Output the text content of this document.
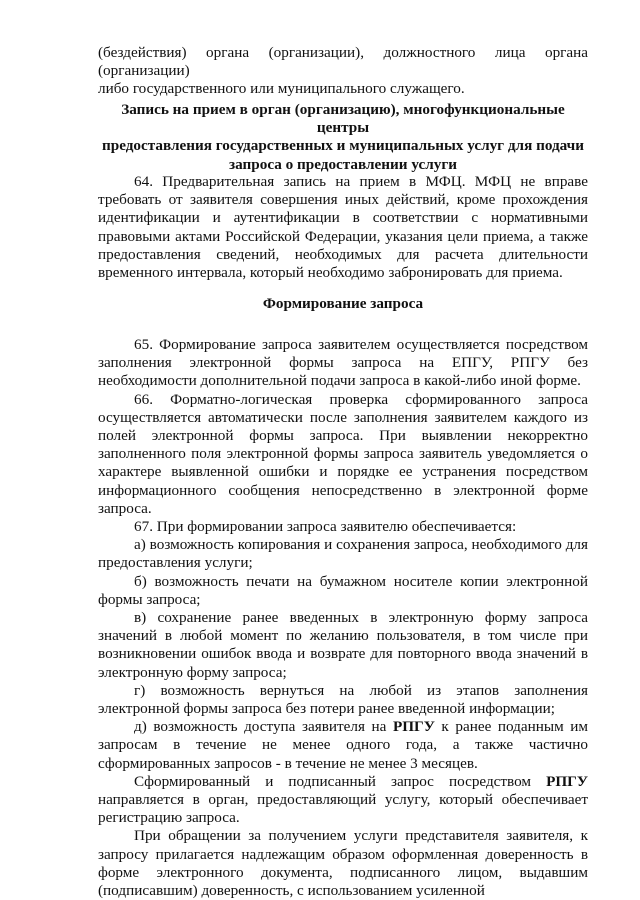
(бездействия) органа (организации), должностного лица органа (организации)

либо государственного или муниципального служащего.

Запись на прием в орган (организацию), многофункциональные центры

предоставления государственных и муниципальных услуг для подачи

запроса о предоставлении услуги

64. Предварительная запись на прием в МФЦ. МФЦ не вправе требовать от заявителя совершения иных действий, кроме прохождения идентификации и аутентификации в соответствии с нормативными правовыми актами Российской Федерации, указания цели приема, а также предоставления сведений, необходимых для расчета длительности временного интервала, который необходимо забронировать для приема.

Формирование запроса

65. Формирование запроса заявителем осуществляется посредством заполнения электронной формы запроса на ЕПГУ, РПГУ без необходимости дополнительной подачи запроса в какой-либо иной форме.

66. Форматно-логическая проверка сформированного запроса осуществляется автоматически после заполнения заявителем каждого из полей электронной формы запроса. При выявлении некорректно заполненного поля электронной формы запроса заявитель уведомляется о характере выявленной ошибки и порядке ее устранения посредством информационного сообщения непосредственно в электронной форме запроса.

67. При формировании запроса заявителю обеспечивается:

а) возможность копирования и сохранения запроса, необходимого для предоставления услуги;

б) возможность печати на бумажном носителе копии электронной формы запроса;

в) сохранение ранее введенных в электронную форму запроса значений в любой момент по желанию пользователя, в том числе при возникновении ошибок ввода и возврате для повторного ввода значений в электронную форму запроса;

г) возможность вернуться на любой из этапов заполнения электронной формы запроса без потери ранее введенной информации;

д) возможность доступа заявителя на РПГУ к ранее поданным им запросам в течение не менее одного года, а также частично сформированных запросов - в течение не менее 3 месяцев.

Сформированный и подписанный запрос посредством РПГУ направляется в орган, предоставляющий услугу, который обеспечивает регистрацию запроса.

При обращении за получением услуги представителя заявителя, к запросу прилагается надлежащим образом оформленная доверенность в форме электронного документа, подписанного лицом, выдавшим (подписавшим) доверенность, с использованием усиленной
